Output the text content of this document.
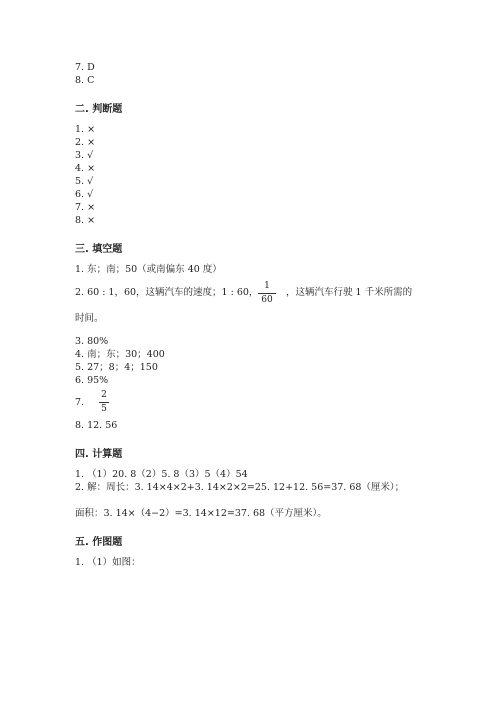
7. D
8. C
二. 判断题
1. ×
2. ×
3. √
4. ×
5. √
6. √
7. ×
8. ×
三. 填空题
1. 东；南；50（或南偏东 40 度）
2. 60 : 1，60，这辆汽车的速度；1 : 60，
1
60
，这辆汽车行驶 1 千米所需的
时间。
3. 80%
4. 南；东；30；400
5. 27；8；4；150
6. 95%
7.
2
5
8. 12. 56
四. 计算题
1. （1）20. 8（2）5. 8（3）5（4）54
2. 解：周长：3. 14×4×2+3. 14×2×2=25. 12+12. 56=37. 68（厘米）；
面积：3. 14×（4−2）=3. 14×12=37. 68（平方厘米）。
五. 作图题
1. （1）如图：
